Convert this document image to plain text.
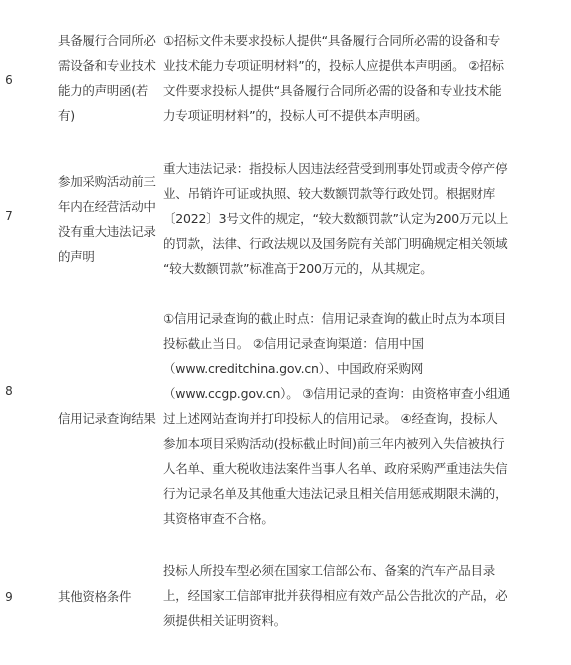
6
具备履行合同所必
需设备和专业技术
能力的声明函(若
有)
①招标文件未要求投标人提供“具备履行合同所必需的设备和专
业技术能力专项证明材料”的，投标人应提供本声明函。 ②招标
文件要求投标人提供“具备履行合同所必需的设备和专业技术能
力专项证明材料”的，投标人可不提供本声明函。
7
参加采购活动前三
年内在经营活动中
没有重大违法记录
的声明
重大违法记录：指投标人因违法经营受到刑事处罚或责令停产停
业、吊销许可证或执照、较大数额罚款等行政处罚。根据财库
〔2022〕3号文件的规定，“较大数额罚款”认定为200万元以上
的罚款，法律、行政法规以及国务院有关部门明确规定相关领域
“较大数额罚款”标准高于200万元的，从其规定。
8
信用记录查询结果
①信用记录查询的截止时点：信用记录查询的截止时点为本项目
投标截止当日。 ②信用记录查询渠道：信用中国
（www.creditchina.gov.cn）、中国政府采购网
（www.ccgp.gov.cn）。 ③信用记录的查询：由资格审查小组通
过上述网站查询并打印投标人的信用记录。 ④经查询，投标人
参加本项目采购活动(投标截止时间)前三年内被列入失信被执行
人名单、重大税收违法案件当事人名单、政府采购严重违法失信
行为记录名单及其他重大违法记录且相关信用惩戒期限未满的，
其资格审查不合格。
9	其他资格条件
投标人所投车型必须在国家工信部公布、备案的汽车产品目录
上，经国家工信部审批并获得相应有效产品公告批次的产品，必
须提供相关证明资料。
